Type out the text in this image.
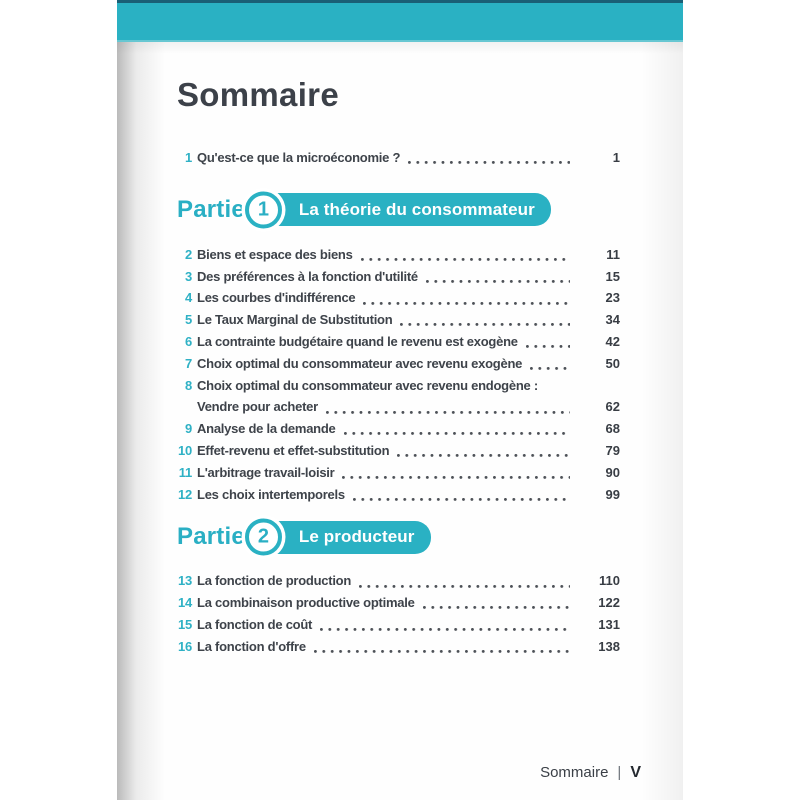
Sommaire
1 Qu'est-ce que la microéconomie ?	1
Partie 1	La théorie du consommateur
2 Biens et espace des biens	11
3 Des préférences à la fonction d'utilité	15
4 Les courbes d'indifférence	23
5 Le Taux Marginal de Substitution	34
6 La contrainte budgétaire quand le revenu est exogène	42
7 Choix optimal du consommateur avec revenu exogène	50
8 Choix optimal du consommateur avec revenu endogène :
Vendre pour acheter	62
9 Analyse de la demande	68
10 Effet-revenu et effet-substitution	79
11 L'arbitrage travail-loisir	90
12 Les choix intertemporels	99
Partie 2	Le producteur
13 La fonction de production	110
14 La combinaison productive optimale	122
15 La fonction de coût	131
16 La fonction d'offre	138
Sommaire | V
